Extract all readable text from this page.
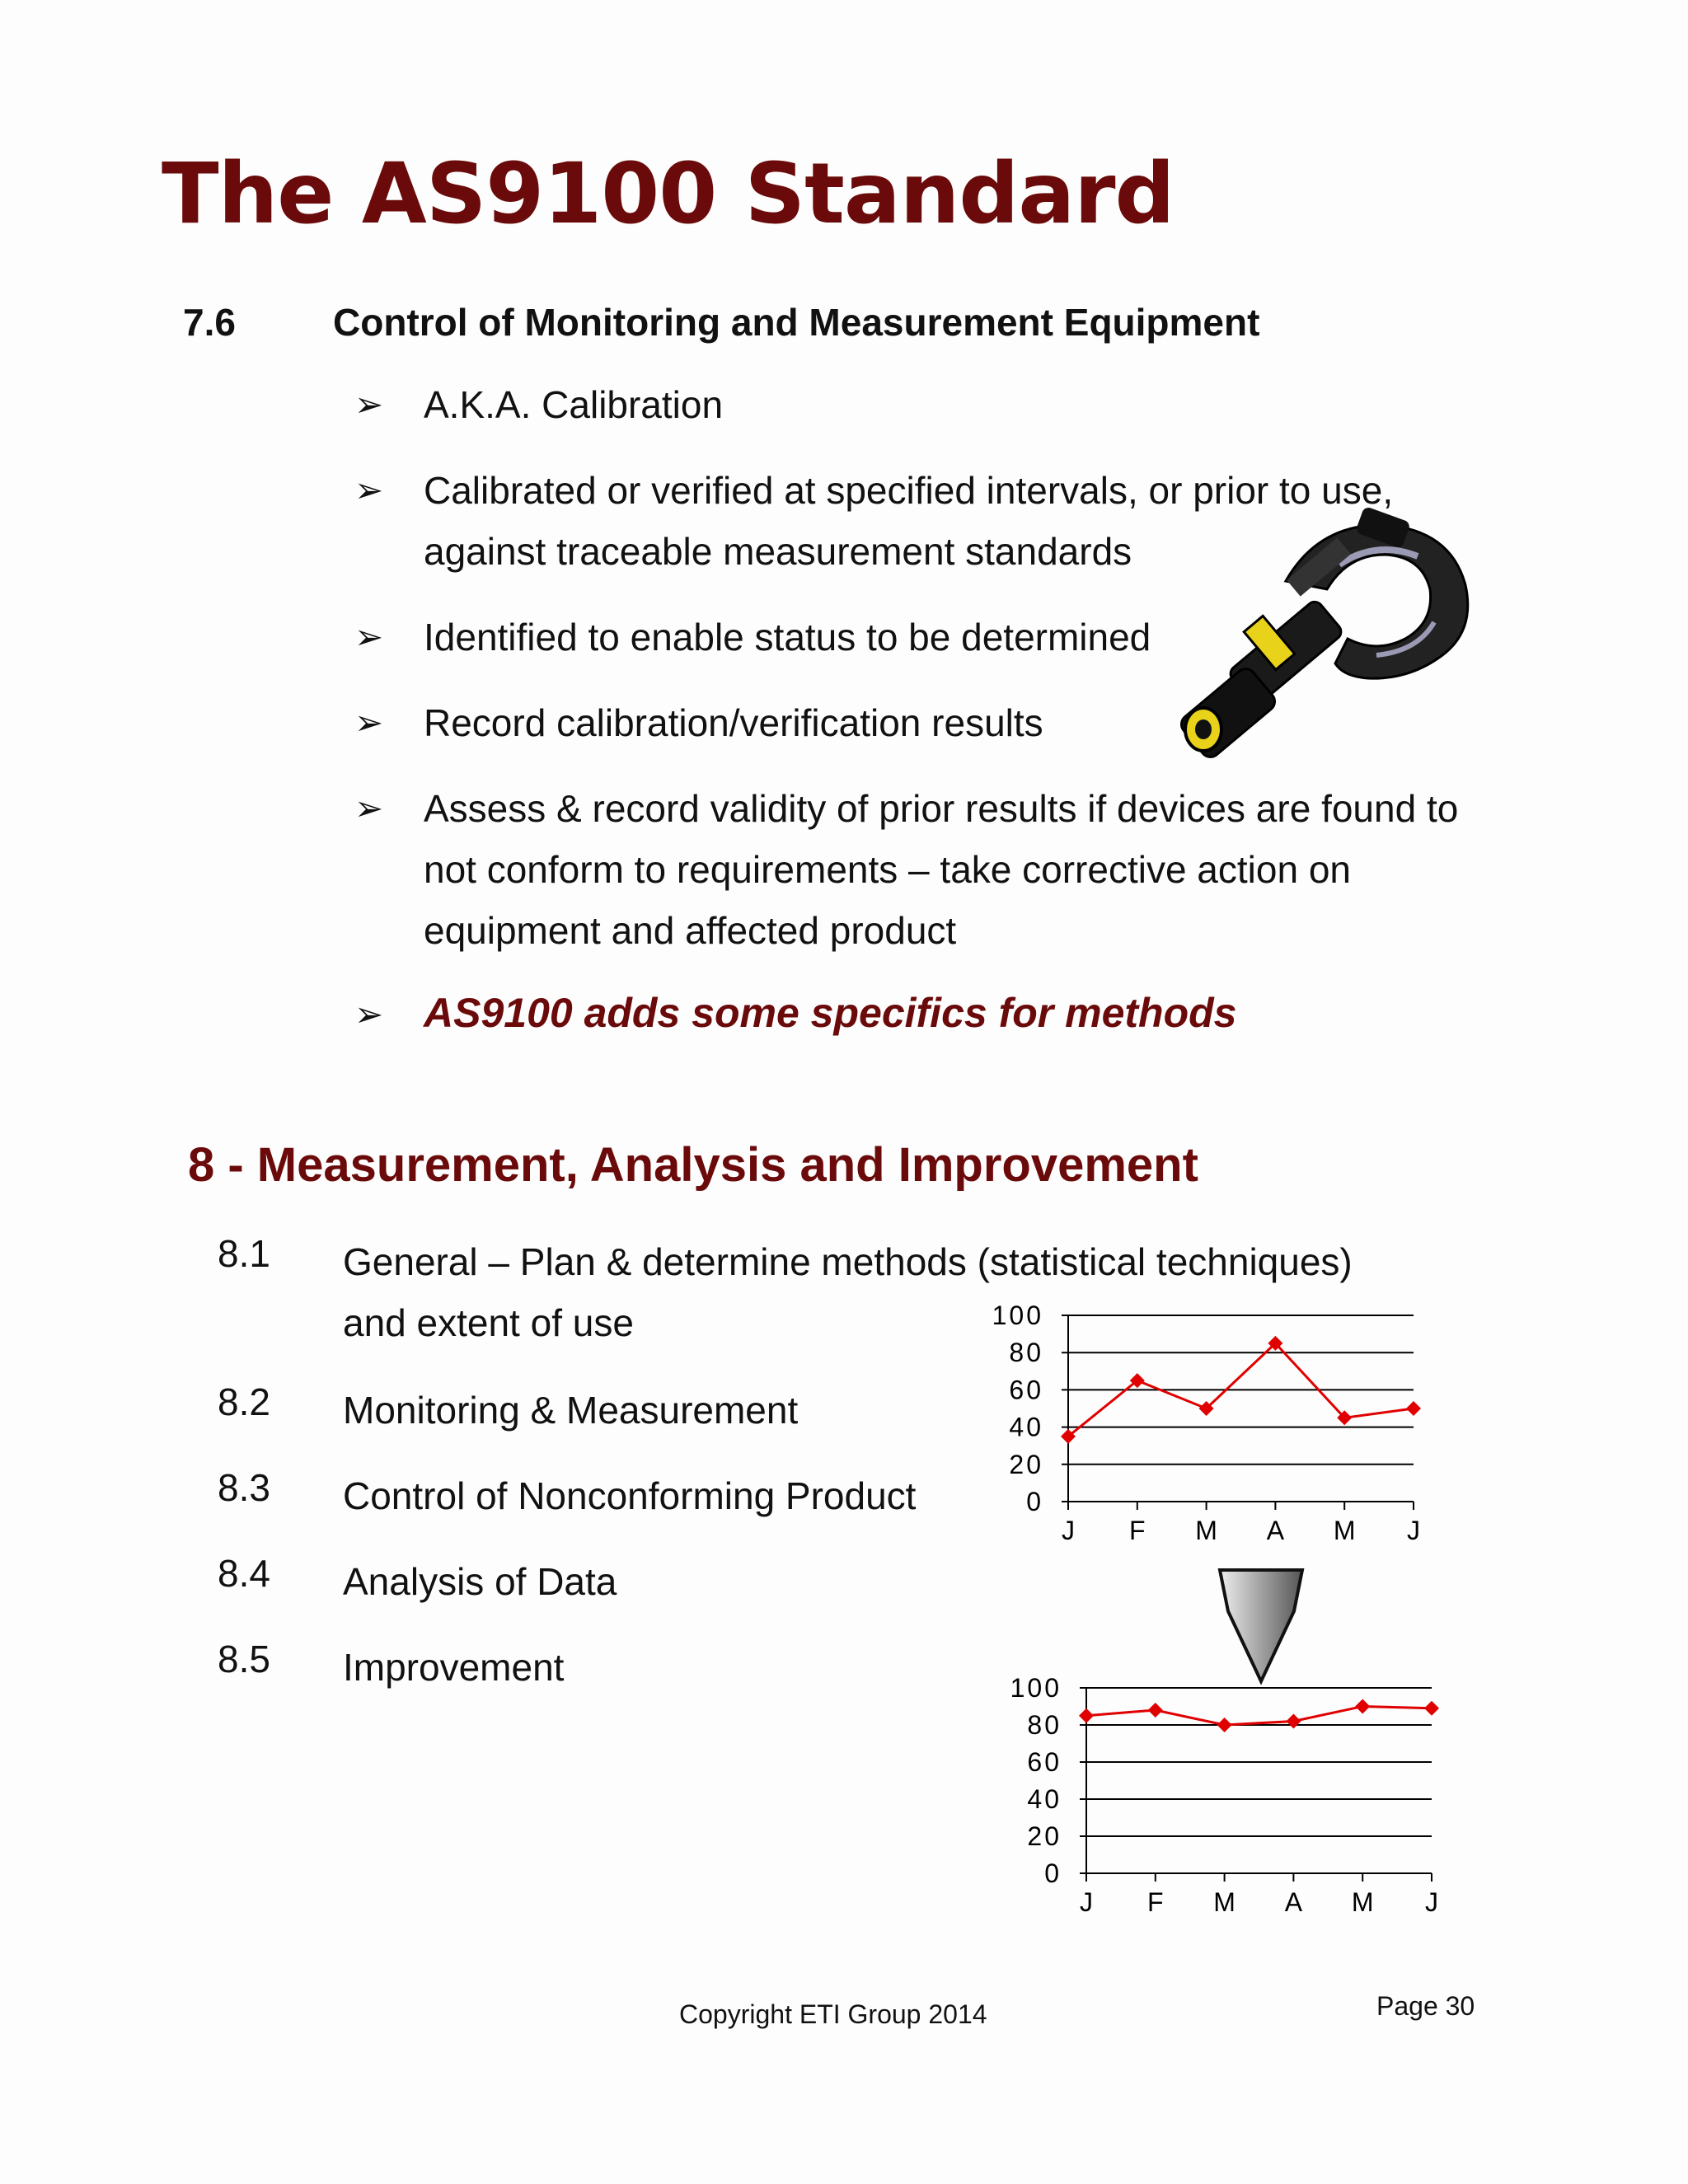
The AS9100 Standard
7.6	Control of Monitoring and Measurement Equipment
➢ A.K.A. Calibration
➢ Calibrated or verified at specified intervals, or prior to use,
against traceable measurement standards
➢ Identified to enable status to be determined
➢ Record calibration/verification results
➢ Assess & record validity of prior results if devices are found to
not conform to requirements – take corrective action on
equipment and affected product
➢ AS9100 adds some specifics for methods
8 - Measurement, Analysis and Improvement
8.1 General – Plan & determine methods (statistical techniques)
and extent of use
8.2 Monitoring & Measurement
8.3 Control of Nonconforming Product
8.4 Analysis of Data
8.5 Improvement
0
20
40
60
80
100
J F M A M J
0
20
40
60
80
100
J F M A M J
Copyright ETI Group 2014	Page 30
